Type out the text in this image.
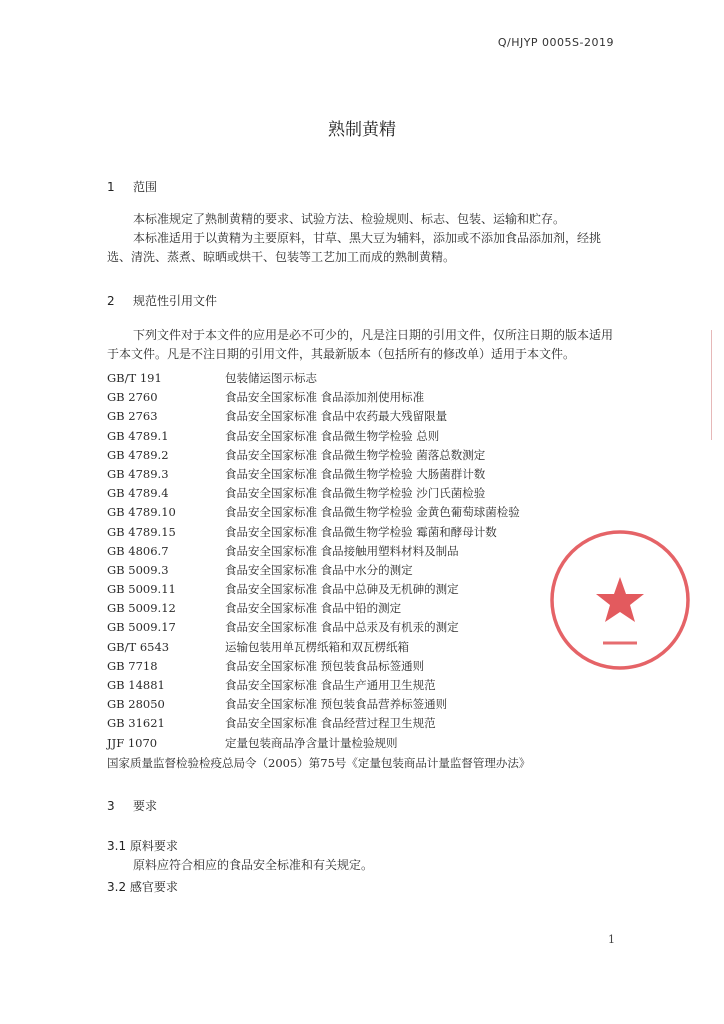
Q/HJYP 0005S-2019
熟制黄精
1 范围

本标准规定了熟制黄精的要求、试验方法、检验规则、标志、包装、运输和贮存。

本标准适用于以黄精为主要原料，甘草、黑大豆为辅料，添加或不添加食品添加剂，经挑选、清洗、蒸煮、晾晒或烘干、包装等工艺加工而成的熟制黄精。

2 规范性引用文件

下列文件对于本文件的应用是必不可少的，凡是注日期的引用文件，仅所注日期的版本适用于本文件。凡是不注日期的引用文件，其最新版本（包括所有的修改单）适用于本文件。

GB/T 191	包装储运图示标志
GB 2760	食品安全国家标准 食品添加剂使用标准
GB 2763	食品安全国家标准 食品中农药最大残留限量
GB 4789.1	食品安全国家标准 食品微生物学检验 总则
GB 4789.2	食品安全国家标准 食品微生物学检验 菌落总数测定
GB 4789.3	食品安全国家标准 食品微生物学检验 大肠菌群计数
GB 4789.4	食品安全国家标准 食品微生物学检验 沙门氏菌检验
GB 4789.10	食品安全国家标准 食品微生物学检验 金黄色葡萄球菌检验
GB 4789.15	食品安全国家标准 食品微生物学检验 霉菌和酵母计数
GB 4806.7	食品安全国家标准 食品接触用塑料材料及制品
GB 5009.3	食品安全国家标准 食品中水分的测定
GB 5009.11	食品安全国家标准 食品中总砷及无机砷的测定
GB 5009.12	食品安全国家标准 食品中铅的测定
GB 5009.17	食品安全国家标准 食品中总汞及有机汞的测定
GB/T 6543	运输包装用单瓦楞纸箱和双瓦楞纸箱
GB 7718	食品安全国家标准 预包装食品标签通则
GB 14881	食品安全国家标准 食品生产通用卫生规范
GB 28050	食品安全国家标准 预包装食品营养标签通则
GB 31621	食品安全国家标准 食品经营过程卫生规范
JJF 1070	定量包装商品净含量计量检验规则
国家质量监督检验检疫总局令（2005）第75号《定量包装商品计量监督管理办法》
3 要求
3.1 原料要求

原料应符合相应的食品安全标准和有关规定。

3.2 感官要求
1
